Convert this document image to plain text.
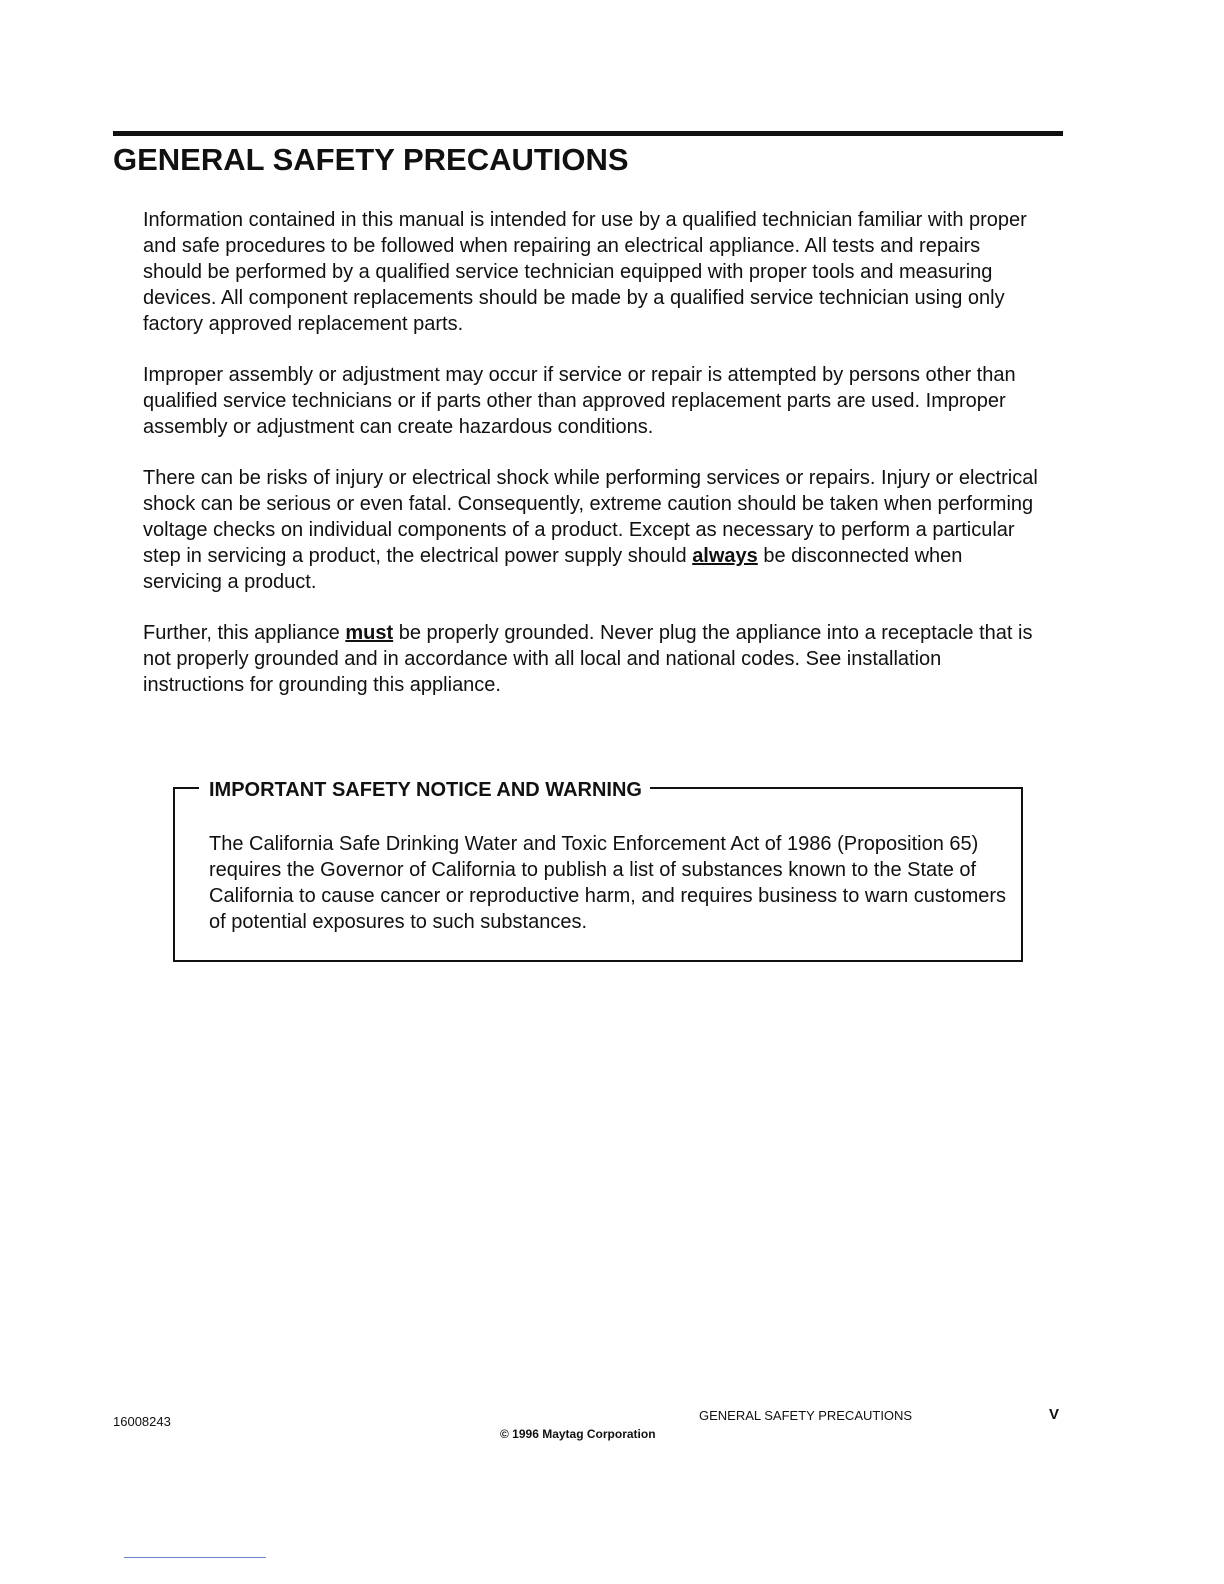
GENERAL SAFETY PRECAUTIONS

Information contained in this manual is intended for use by a qualified technician familiar with proper and safe procedures to be followed when repairing an electrical appliance. All tests and repairs should be performed by a qualified service technician equipped with proper tools and measuring devices. All component replacements should be made by a qualified service technician using only factory approved replacement parts.

Improper assembly or adjustment may occur if service or repair is attempted by persons other than qualified service technicians or if parts other than approved replacement parts are used. Improper assembly or adjustment can create hazardous conditions.

There can be risks of injury or electrical shock while performing services or repairs. Injury or electrical shock can be serious or even fatal. Consequently, extreme caution should be taken when performing voltage checks on individual components of a product. Except as necessary to perform a particular step in servicing a product, the electrical power supply should always be disconnected when servicing a product.

Further, this appliance must be properly grounded. Never plug the appliance into a receptacle that is not properly grounded and in accordance with all local and national codes. See installation instructions for grounding this appliance.

IMPORTANT SAFETY NOTICE AND WARNING

The California Safe Drinking Water and Toxic Enforcement Act of 1986 (Proposition 65) requires the Governor of California to publish a list of substances known to the State of California to cause cancer or reproductive harm, and requires business to warn customers of potential exposures to such substances.

16008243
© 1996 Maytag Corporation
GENERAL SAFETY PRECAUTIONS	V
